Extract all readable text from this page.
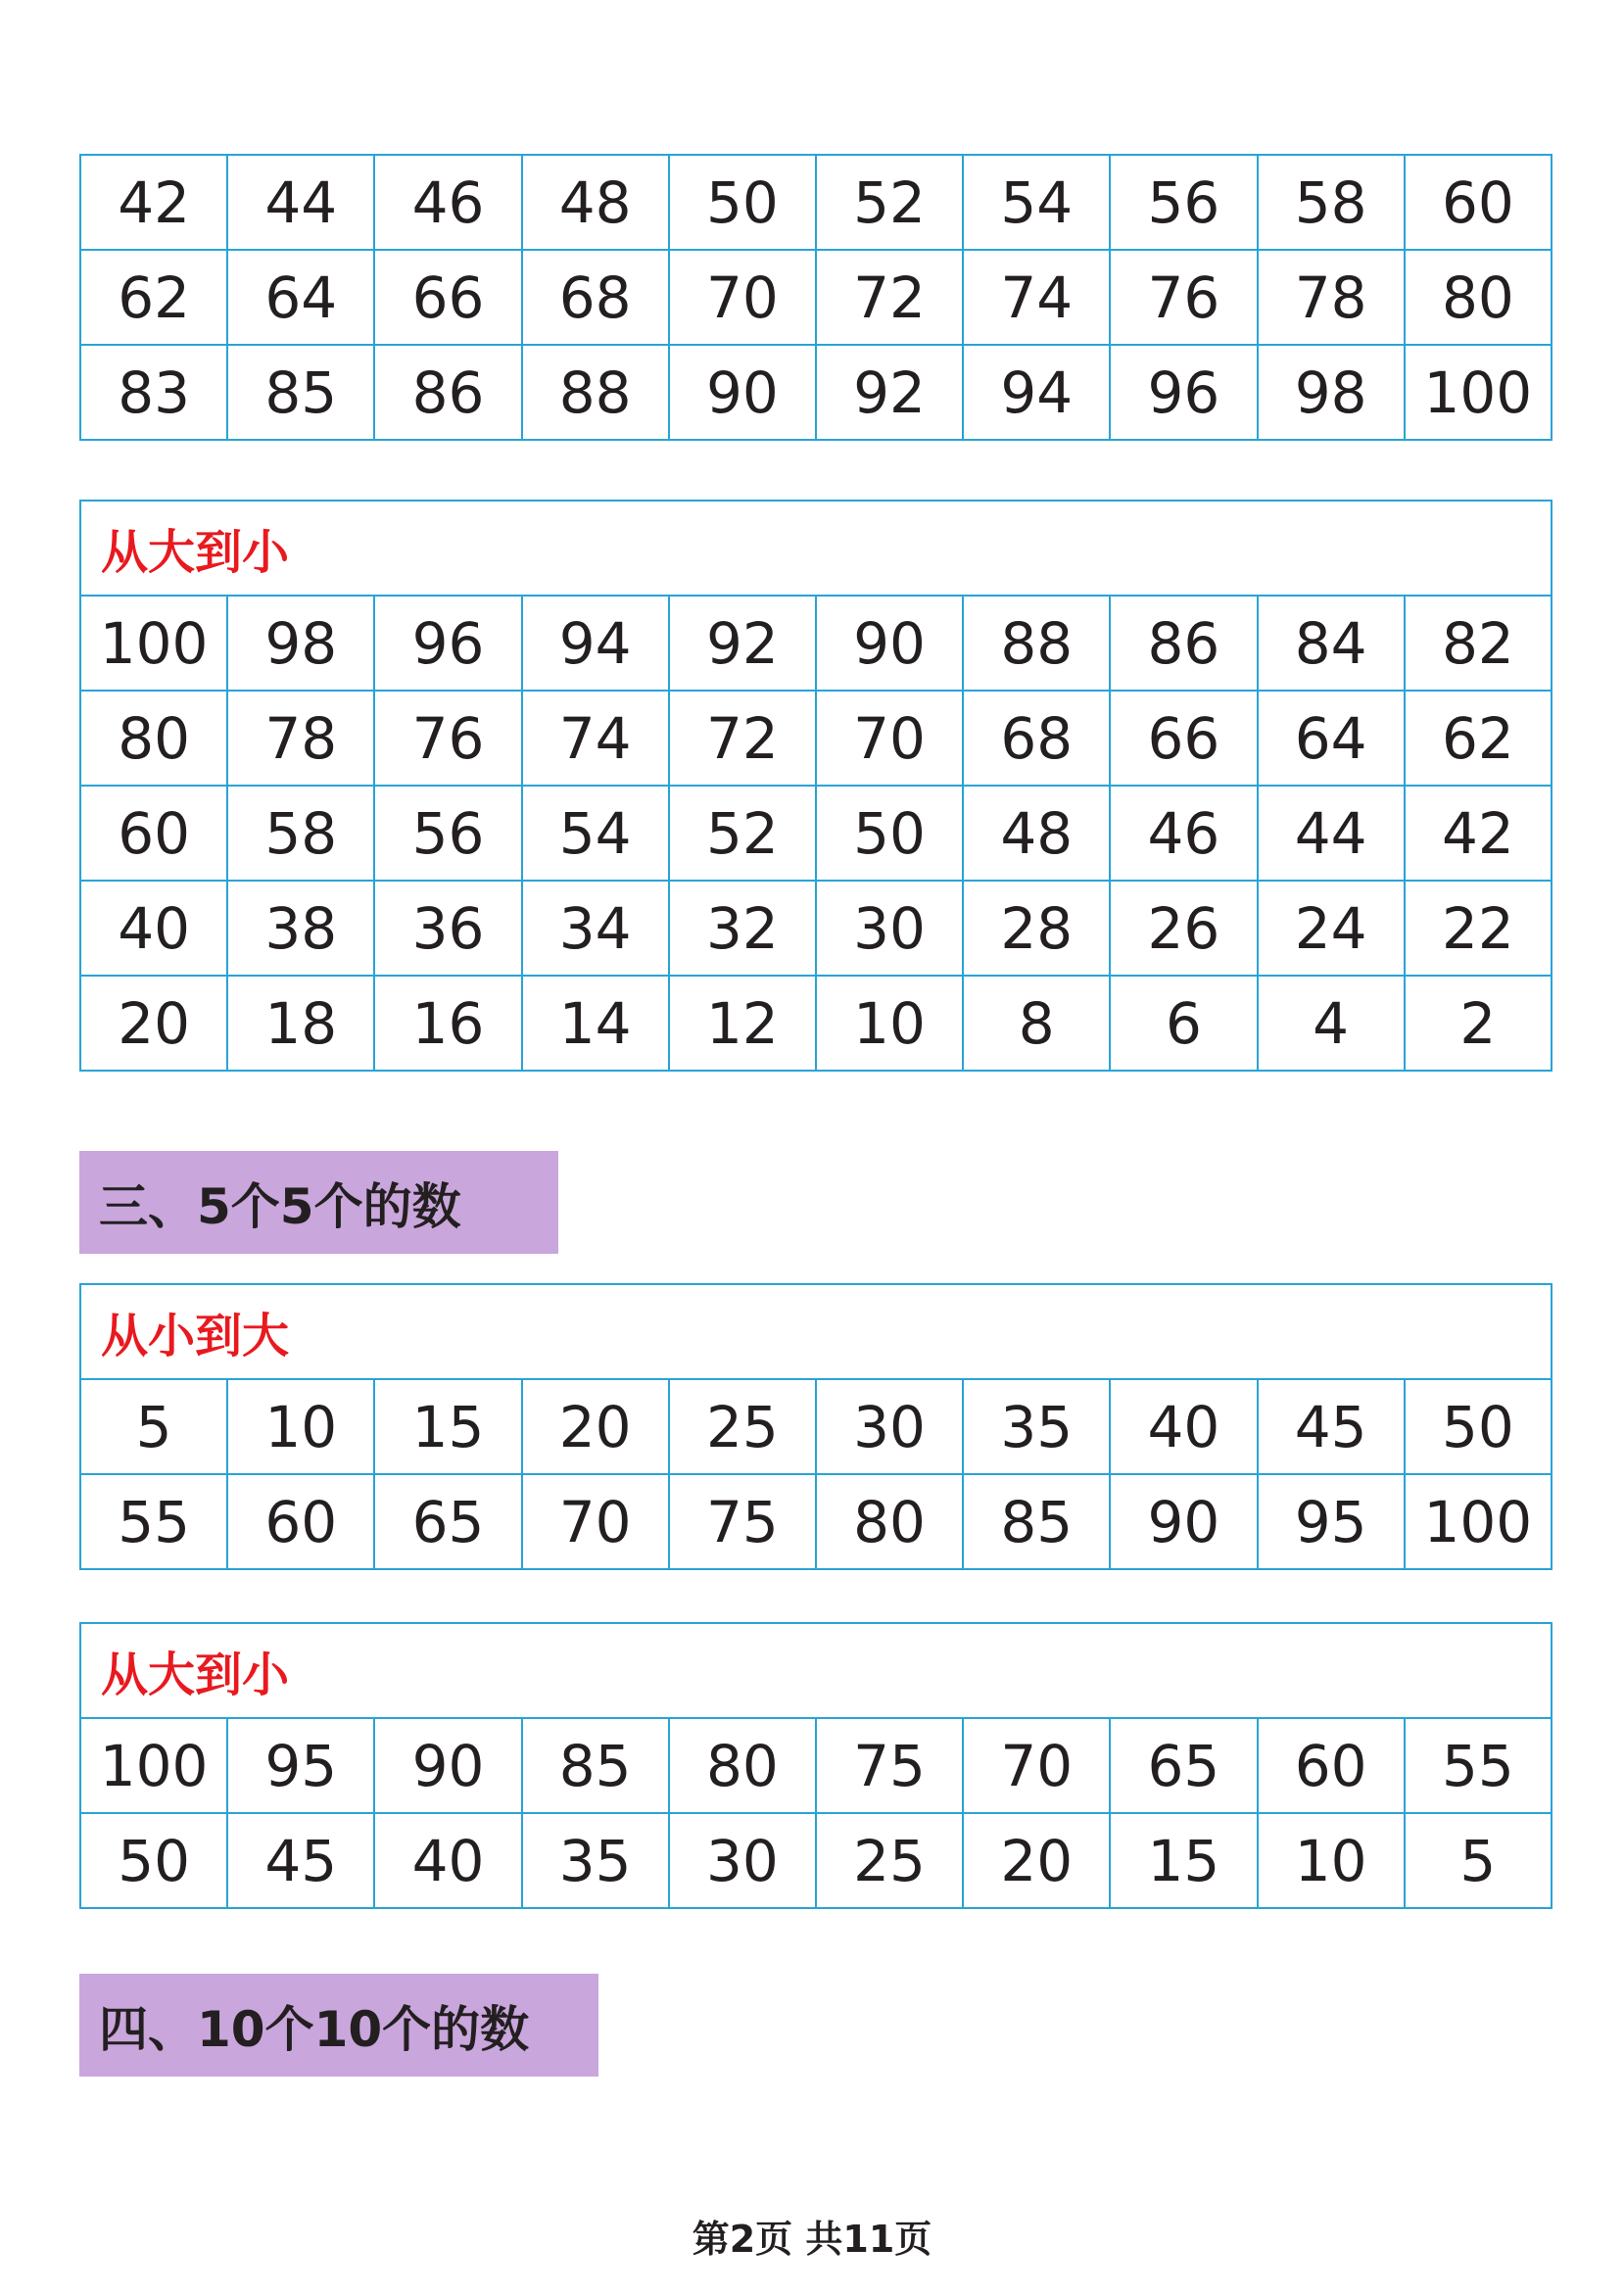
42	44	46	48	50	52	54	56	58	60
62	64	66	68	70	72	74	76	78	80
83	85	86	88	90	92	94	96	98	100
从大到小									
100	98	96	94	92	90	88	86	84	82
80	78	76	74	72	70	68	66	64	62
60	58	56	54	52	50	48	46	44	42
40	38	36	34	32	30	28	26	24	22
20	18	16	14	12	10	8	6	4	2
三、5个5个的数
从小到大									
5	10	15	20	25	30	35	40	45	50
55	60	65	70	75	80	85	90	95	100
从大到小									
100	95	90	85	80	75	70	65	60	55
50	45	40	35	30	25	20	15	10	5
四、10个10个的数
第2页 共11页
